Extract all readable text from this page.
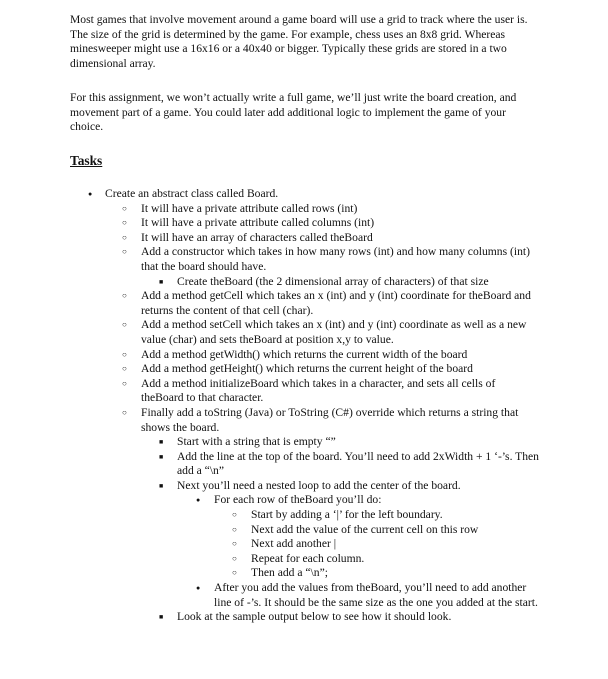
Most games that involve movement around a game board will use a grid to track where the user is. The size of the grid is determined by the game. For example, chess uses an 8x8 grid. Whereas minesweeper might use a 16x16 or a 40x40 or bigger. Typically these grids are stored in a two dimensional array.

For this assignment, we won’t actually write a full game, we’ll just write the board creation, and movement part of a game. You could later add additional logic to implement the game of your choice.

Tasks
● Create an abstract class called Board.
○ It will have a private attribute called rows (int)
○ It will have a private attribute called columns (int)
○ It will have an array of characters called theBoard
○ Add a constructor which takes in how many rows (int) and how many columns (int) that the board should have.
■ Create theBoard (the 2 dimensional array of characters) of that size
○ Add a method getCell which takes an x (int) and y (int) coordinate for theBoard and returns the content of that cell (char).
○ Add a method setCell which takes an x (int) and y (int) coordinate as well as a new value (char) and sets theBoard at position x,y to value.
○ Add a method getWidth() which returns the current width of the board
○ Add a method getHeight() which returns the current height of the board
○ Add a method initializeBoard which takes in a character, and sets all cells of theBoard to that character.
○ Finally add a toString (Java) or ToString (C#) override which returns a string that shows the board.
■ Start with a string that is empty “”
■ Add the line at the top of the board. You’ll need to add 2xWidth + 1 ‘-’s. Then add a “\n”
■ Next you’ll need a nested loop to add the center of the board.
● For each row of theBoard you’ll do:
○ Start by adding a ‘|’ for the left boundary.
○ Next add the value of the current cell on this row
○ Next add another |
○ Repeat for each column.
○ Then add a “\n”;
● After you add the values from theBoard, you’ll need to add another line of -’s. It should be the same size as the one you added at the start.
■ Look at the sample output below to see how it should look.
